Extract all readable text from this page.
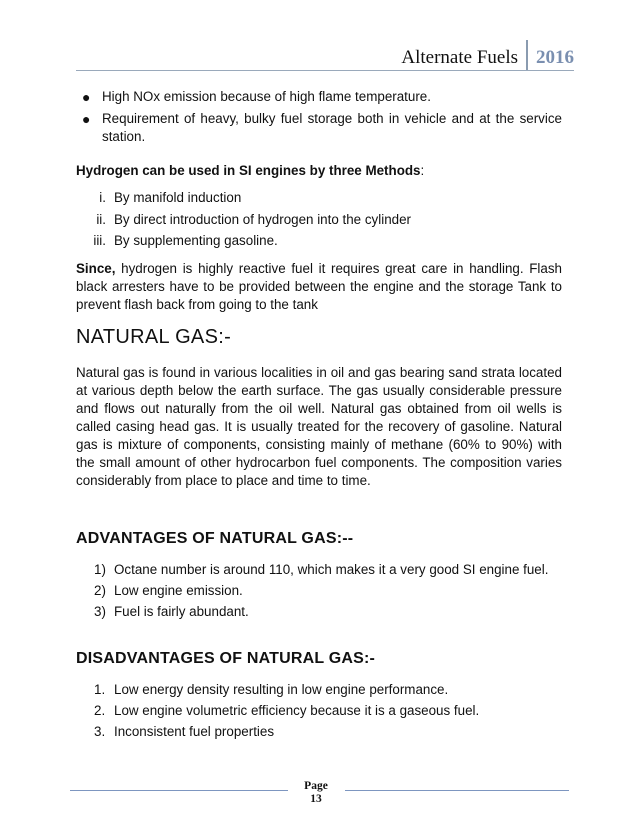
Alternate Fuels 2016
● High NOx emission because of high flame temperature.
● Requirement of heavy, bulky fuel storage both in vehicle and at the service station.
Hydrogen can be used in SI engines by three Methods:
i. By manifold induction
ii. By direct introduction of hydrogen into the cylinder
iii. By supplementing gasoline.
Since, hydrogen is highly reactive fuel it requires great care in handling. Flash black arresters have to be provided between the engine and the storage Tank to prevent flash back from going to the tank
NATURAL GAS:-
Natural gas is found in various localities in oil and gas bearing sand strata located at various depth below the earth surface. The gas usually considerable pressure and flows out naturally from the oil well. Natural gas obtained from oil wells is called casing head gas. It is usually treated for the recovery of gasoline. Natural gas is mixture of components, consisting mainly of methane (60% to 90%) with the small amount of other hydrocarbon fuel components. The composition varies considerably from place to place and time to time.
ADVANTAGES OF NATURAL GAS:--
1) Octane number is around 110, which makes it a very good SI engine fuel.
2) Low engine emission.
3) Fuel is fairly abundant.
DISADVANTAGES OF NATURAL GAS:-
1. Low energy density resulting in low engine performance.
2. Low engine volumetric efficiency because it is a gaseous fuel.
3. Inconsistent fuel properties
Page
13
